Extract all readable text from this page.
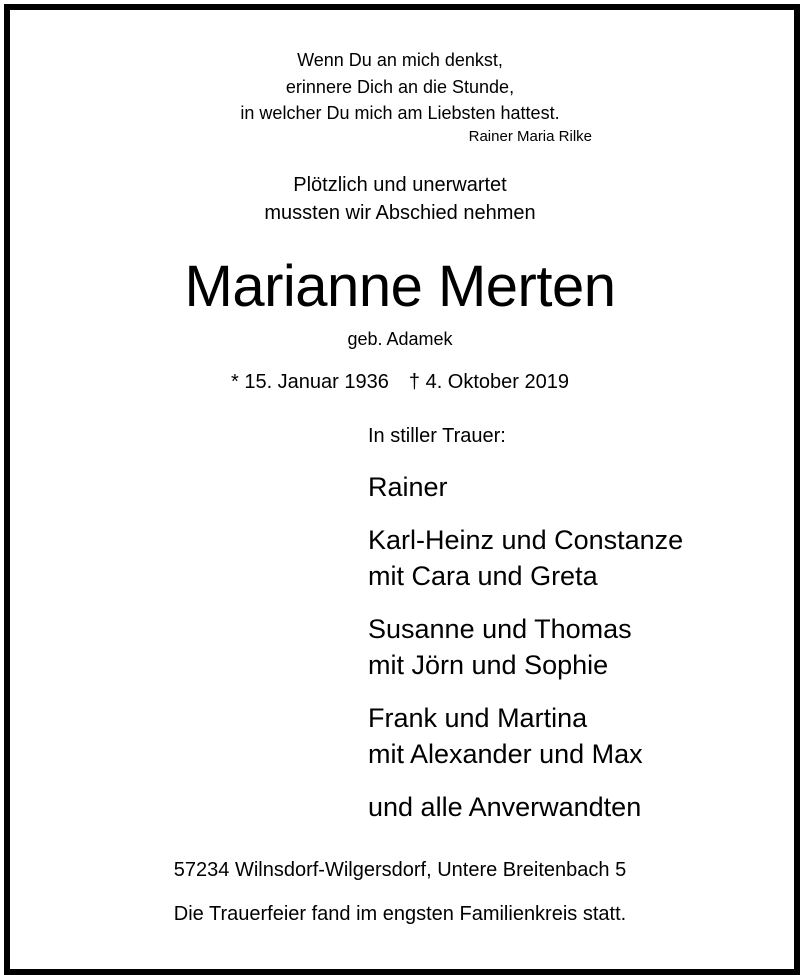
Wenn Du an mich denkst,
erinnere Dich an die Stunde,
in welcher Du mich am Liebsten hattest.
Rainer Maria Rilke
Plötzlich und unerwartet
mussten wir Abschied nehmen
Marianne Merten
geb. Adamek
* 15. Januar 1936 † 4. Oktober 2019
In stiller Trauer:
Rainer
Karl-Heinz und Constanze
mit Cara und Greta
Susanne und Thomas
mit Jörn und Sophie
Frank und Martina
mit Alexander und Max
und alle Anverwandten
57234 Wilnsdorf-Wilgersdorf, Untere Breitenbach 5
Die Trauerfeier fand im engsten Familienkreis statt.
